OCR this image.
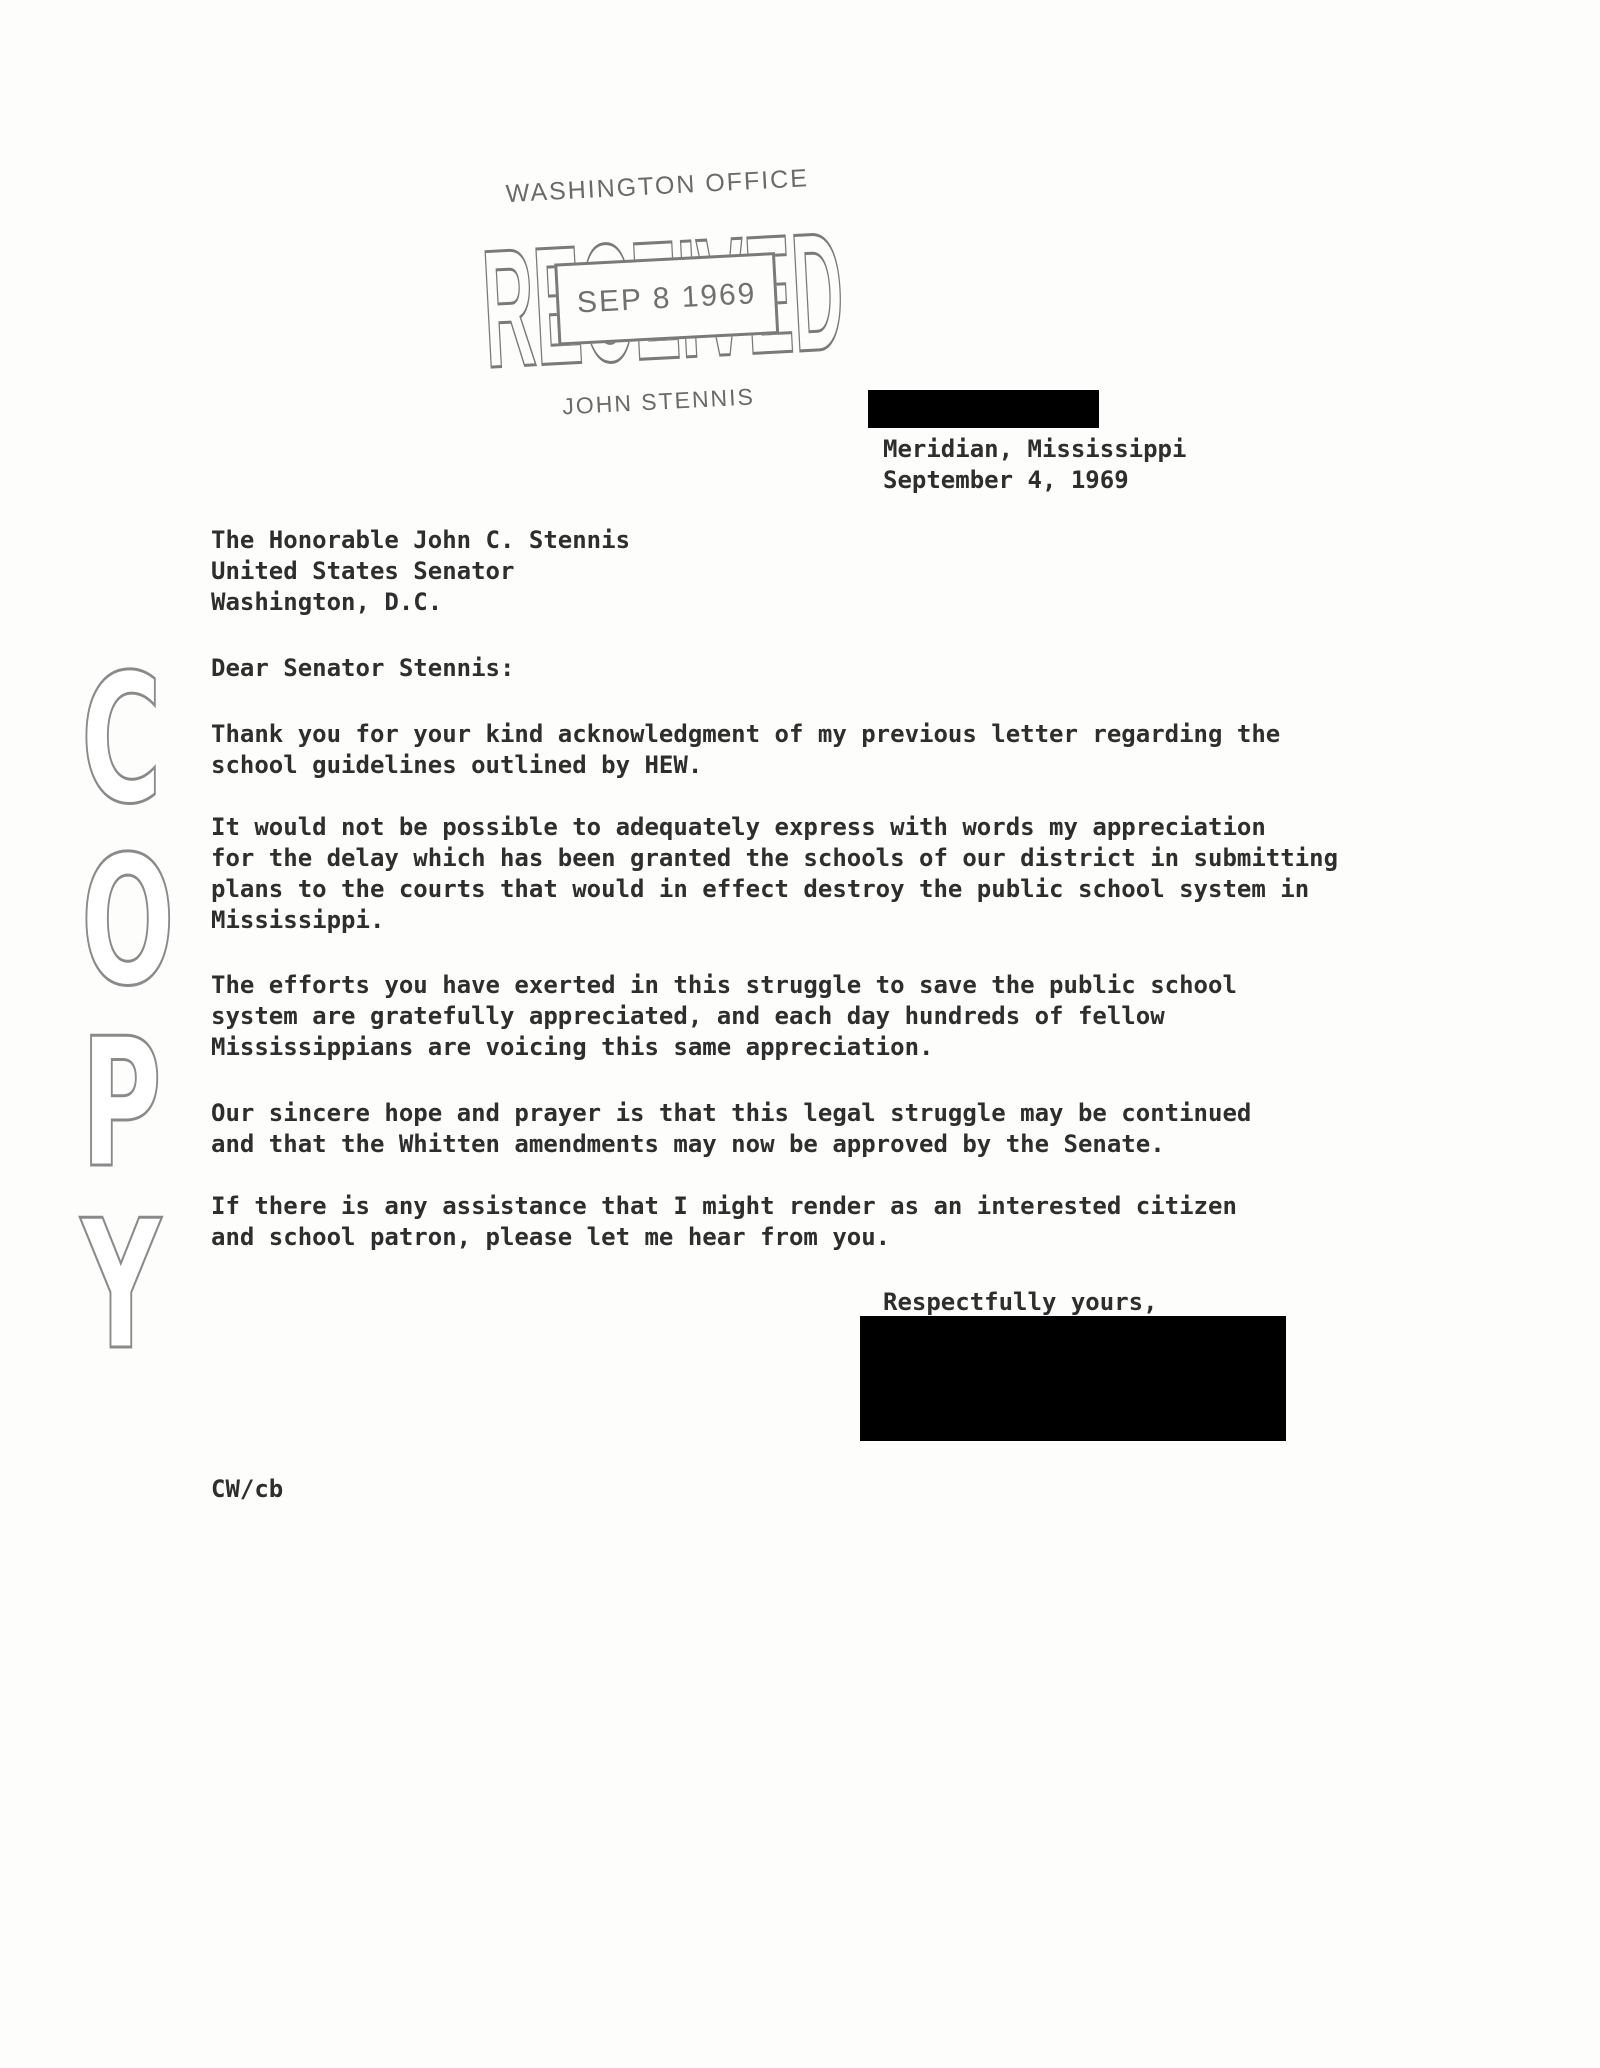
WASHINGTON OFFICE
SEP 8 1969
JOHN STENNIS
Meridian, Mississippi
September 4, 1969
The Honorable John C. Stennis
United States Senator
Washington, D.C.
Dear Senator Stennis:
Thank you for your kind acknowledgment of my previous letter regarding the
school guidelines outlined by HEW.
It would not be possible to adequately express with words my appreciation
for the delay which has been granted the schools of our district in submitting
plans to the courts that would in effect destroy the public school system in
Mississippi.
The efforts you have exerted in this struggle to save the public school
system are gratefully appreciated, and each day hundreds of fellow
Mississippians are voicing this same appreciation.
Our sincere hope and prayer is that this legal struggle may be continued
and that the Whitten amendments may now be approved by the Senate.
If there is any assistance that I might render as an interested citizen
and school patron, please let me hear from you.
Respectfully yours,
CW/cb
C
O
P
Y
